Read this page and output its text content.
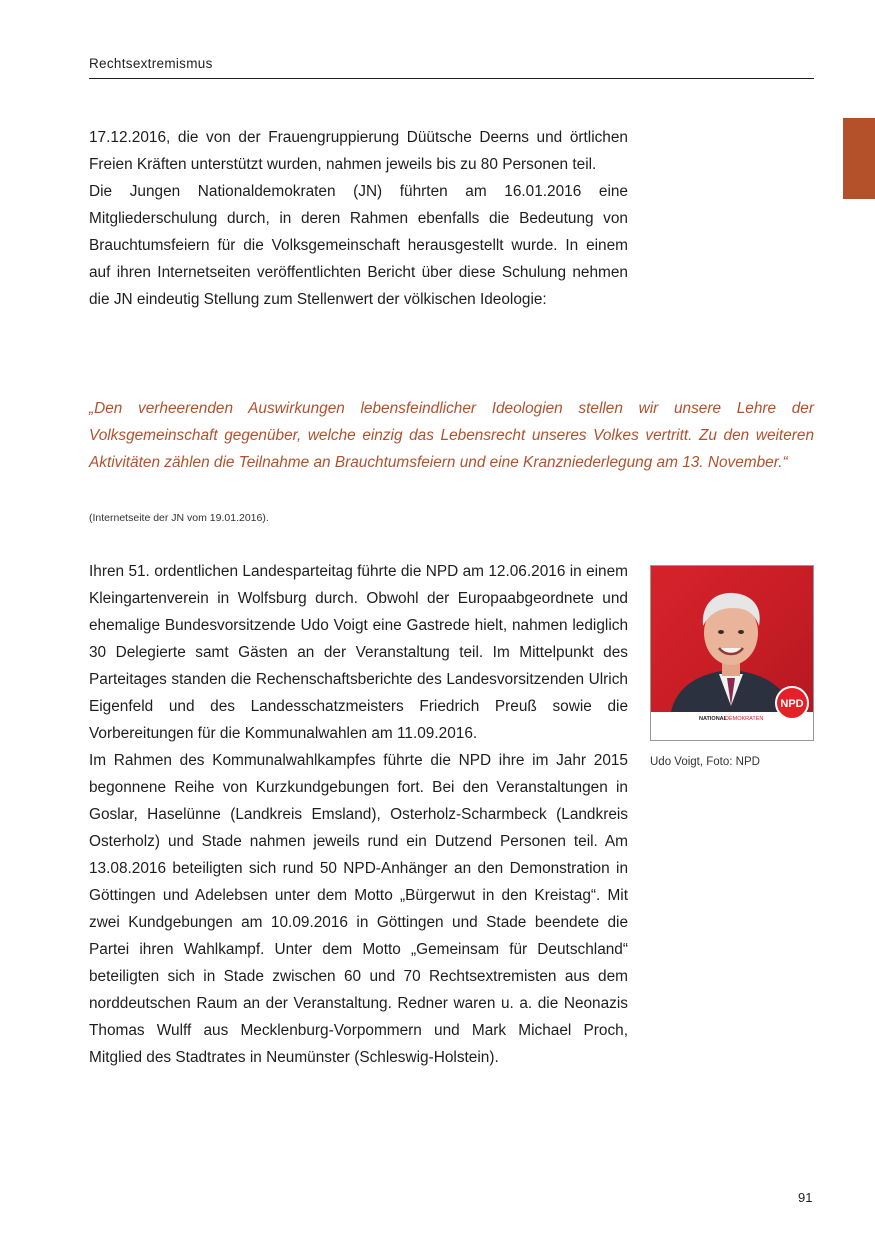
Rechtsextremismus

17.12.2016, die von der Frauengruppierung Düütsche Deerns und örtlichen Freien Kräften unterstützt wurden, nahmen jeweils bis zu 80 Personen teil.

Die Jungen Nationaldemokraten (JN) führten am 16.01.2016 eine Mitgliederschulung durch, in deren Rahmen ebenfalls die Bedeutung von Brauchtumsfeiern für die Volksgemeinschaft herausgestellt wurde. In einem auf ihren Internetseiten veröffentlichten Bericht über diese Schulung nehmen die JN eindeutig Stellung zum Stellenwert der völkischen Ideologie:

„Den verheerenden Auswirkungen lebensfeindlicher Ideologien stellen wir unsere Lehre der Volksgemeinschaft gegenüber, welche einzig das Lebensrecht unseres Volkes vertritt. Zu den weiteren Aktivitäten zählen die Teilnahme an Brauchtumsfeiern und eine Kranzniederlegung am 13. November.“
(Internetseite der JN vom 19.01.2016).

Ihren 51. ordentlichen Landesparteitag führte die NPD am 12.06.2016 in einem Kleingartenverein in Wolfsburg durch. Obwohl der Europaabgeordnete und ehemalige Bundesvorsitzende Udo Voigt eine Gastrede hielt, nahmen lediglich 30 Delegierte samt Gästen an der Veranstaltung teil. Im Mittelpunkt des Parteitages standen die Rechenschaftsberichte des Landesvorsitzenden Ulrich Eigenfeld und des Landesschatzmeisters Friedrich Preuß sowie die Vorbereitungen für die Kommunalwahlen am 11.09.2016.

Im Rahmen des Kommunalwahlkampfes führte die NPD ihre im Jahr 2015 begonnene Reihe von Kurzkundgebungen fort. Bei den Veranstaltungen in Goslar, Haselünne (Landkreis Emsland), Osterholz-Scharmbeck (Landkreis Osterholz) und Stade nahmen jeweils rund ein Dutzend Personen teil. Am 13.08.2016 beteiligten sich rund 50 NPD-Anhänger an den Demonstration in Göttingen und Adelebsen unter dem Motto „Bürgerwut in den Kreistag“. Mit zwei Kundgebungen am 10.09.2016 in Göttingen und Stade beendete die Partei ihren Wahlkampf. Unter dem Motto „Gemeinsam für Deutschland“ beteiligten sich in Stade zwischen 60 und 70 Rechtsextremisten aus dem norddeutschen Raum an der Veranstaltung. Redner waren u. a. die Neonazis Thomas Wulff aus Mecklenburg-Vorpommern und Mark Michael Proch, Mitglied des Stadtrates in Neumünster (Schleswig-Holstein).

NPD
NATIONAL
DEMOKRATEN
Udo Voigt, Foto: NPD
91
